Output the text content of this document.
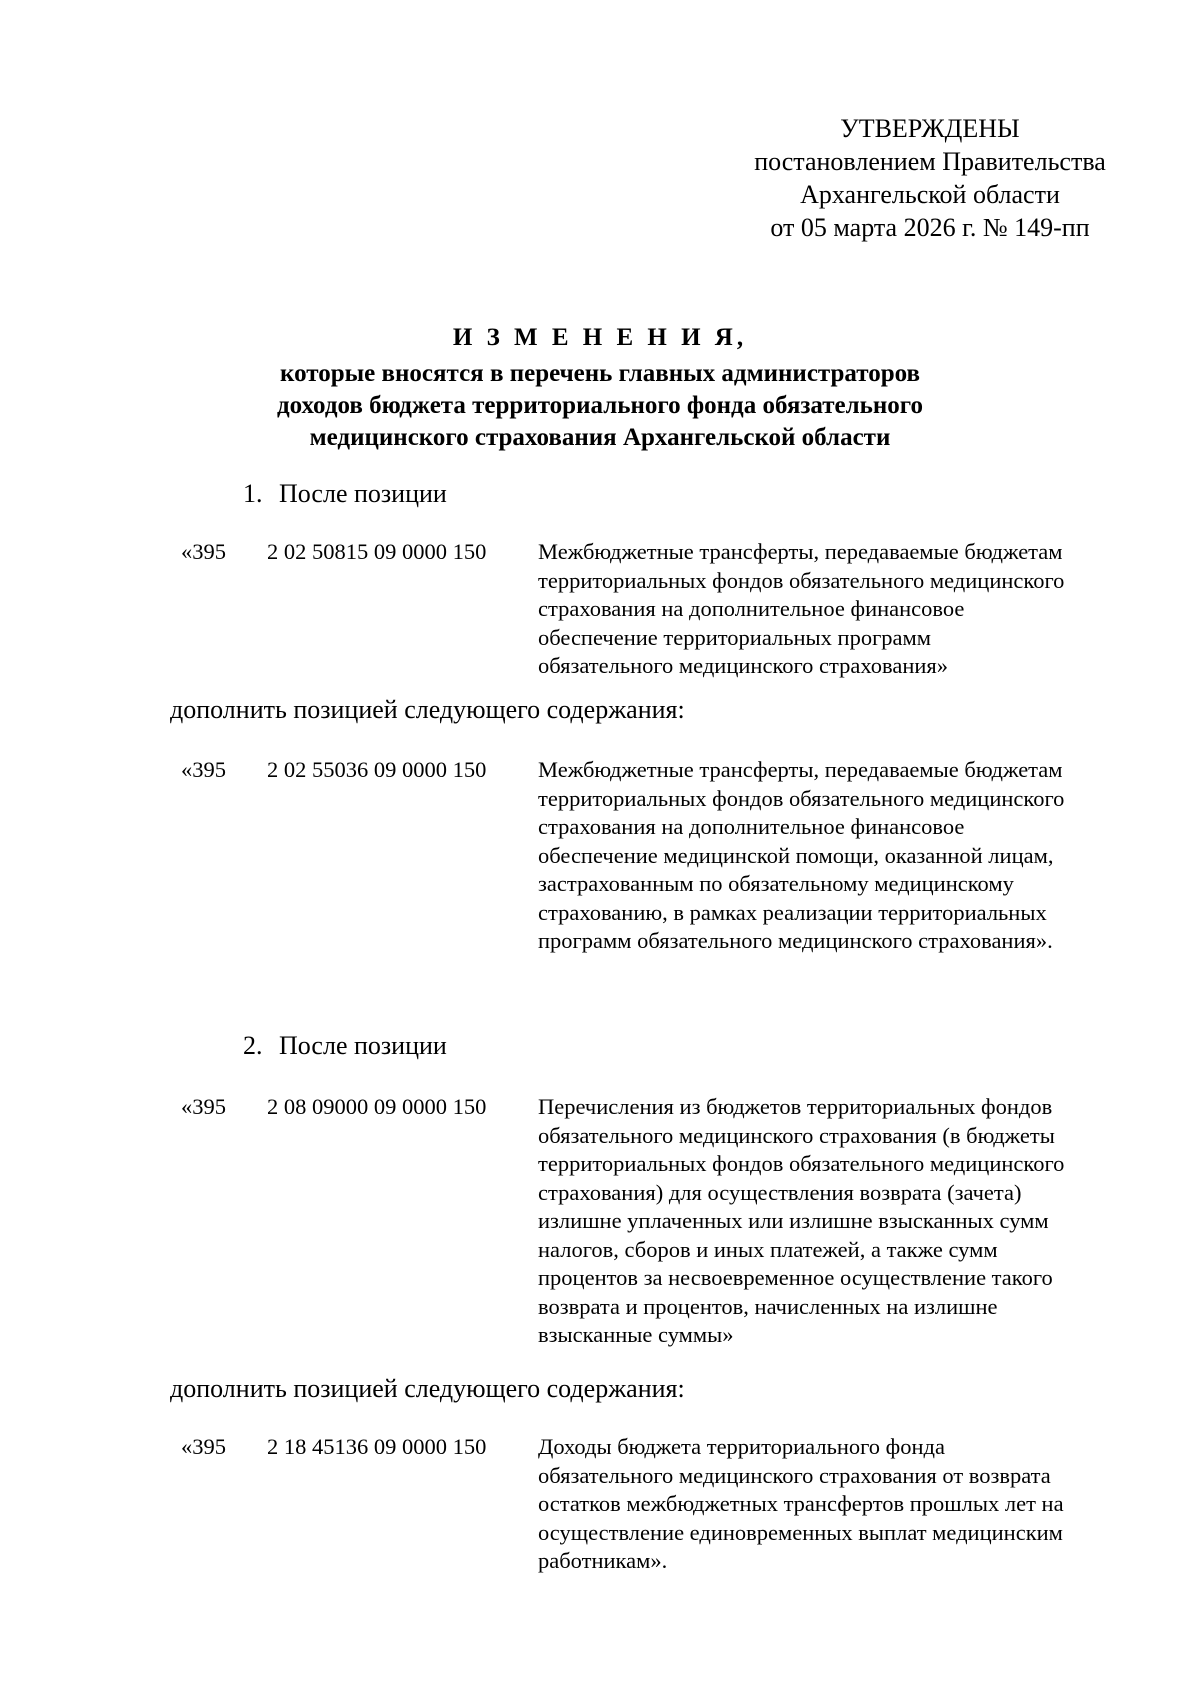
УТВЕРЖДЕНЫ
постановлением Правительства
Архангельской области
от 05 марта 2026 г. № 149-пп
И З М Е Н Е Н И Я,
которые вносятся в перечень главных администраторов
доходов бюджета территориального фонда обязательного
медицинского страхования Архангельской области
1. После позиции
«395 2 02 50815 09 0000 150 Межбюджетные трансферты, передаваемые бюджетам
территориальных фондов обязательного медицинского
страхования на дополнительное финансовое
обеспечение территориальных программ
обязательного медицинского страхования»
дополнить позицией следующего содержания:
«395 2 02 55036 09 0000 150 Межбюджетные трансферты, передаваемые бюджетам
территориальных фондов обязательного медицинского
страхования на дополнительное финансовое
обеспечение медицинской помощи, оказанной лицам,
застрахованным по обязательному медицинскому
страхованию, в рамках реализации территориальных
программ обязательного медицинского страхования».
2. После позиции
«395 2 08 09000 09 0000 150 Перечисления из бюджетов территориальных фондов
обязательного медицинского страхования (в бюджеты
территориальных фондов обязательного медицинского
страхования) для осуществления возврата (зачета)
излишне уплаченных или излишне взысканных сумм
налогов, сборов и иных платежей, а также сумм
процентов за несвоевременное осуществление такого
возврата и процентов, начисленных на излишне
взысканные суммы»
дополнить позицией следующего содержания:
«395 2 18 45136 09 0000 150 Доходы бюджета территориального фонда
обязательного медицинского страхования от возврата
остатков межбюджетных трансфертов прошлых лет на
осуществление единовременных выплат медицинским
работникам».
